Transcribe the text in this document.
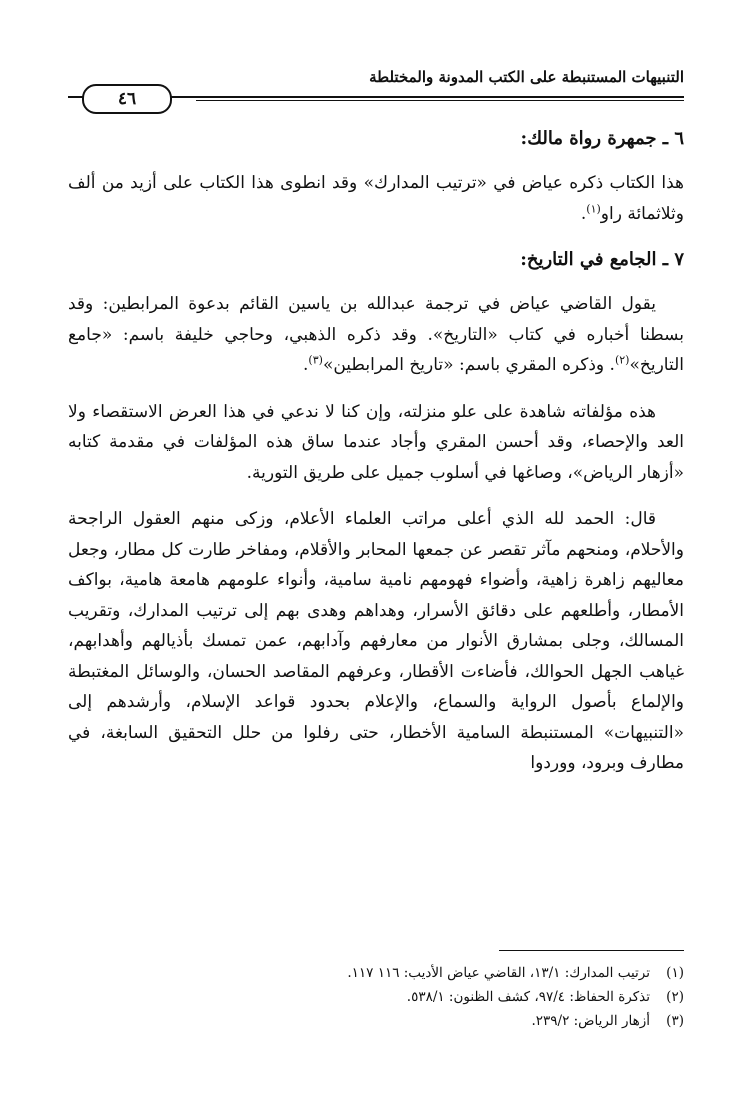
التنبيهات المستنبطة على الكتب المدونة والمختلطة
٤٦
٦ ـ جمهرة رواة مالك:

هذا الكتاب ذكره عياض في «ترتيب المدارك» وقد انطوى هذا الكتاب على أزيد من ألف وثلاثمائة راو$^{(١)}$.

٧ ـ الجامع في التاريخ:

يقول القاضي عياض في ترجمة عبدالله بن ياسين القائم بدعوة المرابطين: وقد بسطنا أخباره في كتاب «التاريخ». وقد ذكره الذهبي، وحاجي خليفة باسم: «جامع التاريخ»$^{(٢)}$. وذكره المقري باسم: «تاريخ المرابطين»$^{(٣)}$.

هذه مؤلفاته شاهدة على علو منزلته، وإن كنا لا ندعي في هذا العرض الاستقصاء ولا العد والإحصاء، وقد أحسن المقري وأجاد عندما ساق هذه المؤلفات في مقدمة كتابه «أزهار الرياض»، وصاغها في أسلوب جميل على طريق التورية.

قال: الحمد لله الذي أعلى مراتب العلماء الأعلام، وزكى منهم العقول الراجحة والأحلام، ومنحهم مآثر تقصر عن جمعها المحابر والأقلام، ومفاخر طارت كل مطار، وجعل معاليهم زاهرة زاهية، وأضواء فهومهم نامية سامية، وأنواء علومهم هامعة هامية، بواكف الأمطار، وأطلعهم على دقائق الأسرار، وهداهم وهدى بهم إلى ترتيب المدارك، وتقريب المسالك، وجلى بمشارق الأنوار من معارفهم وآدابهم، عمن تمسك بأذيالهم وأهدابهم، غياهب الجهل الحوالك، فأضاءت الأقطار، وعرفهم المقاصد الحسان، والوسائل المغتبطة والإلماع بأصول الرواية والسماع، والإعلام بحدود قواعد الإسلام، وأرشدهم إلى «التنبيهات» المستنبطة السامية الأخطار، حتى رفلوا من حلل التحقيق السابغة، في مطارف وبرود، ووردوا

(١)ترتيب المدارك: ١٣/١، القاضي عياض الأديب: ١١٦ ١١٧.
(٢)تذكرة الحفاظ: ٩٧/٤، كشف الظنون: ٥٣٨/١.
(٣)أزهار الرياض: ٢٣٩/٢.
